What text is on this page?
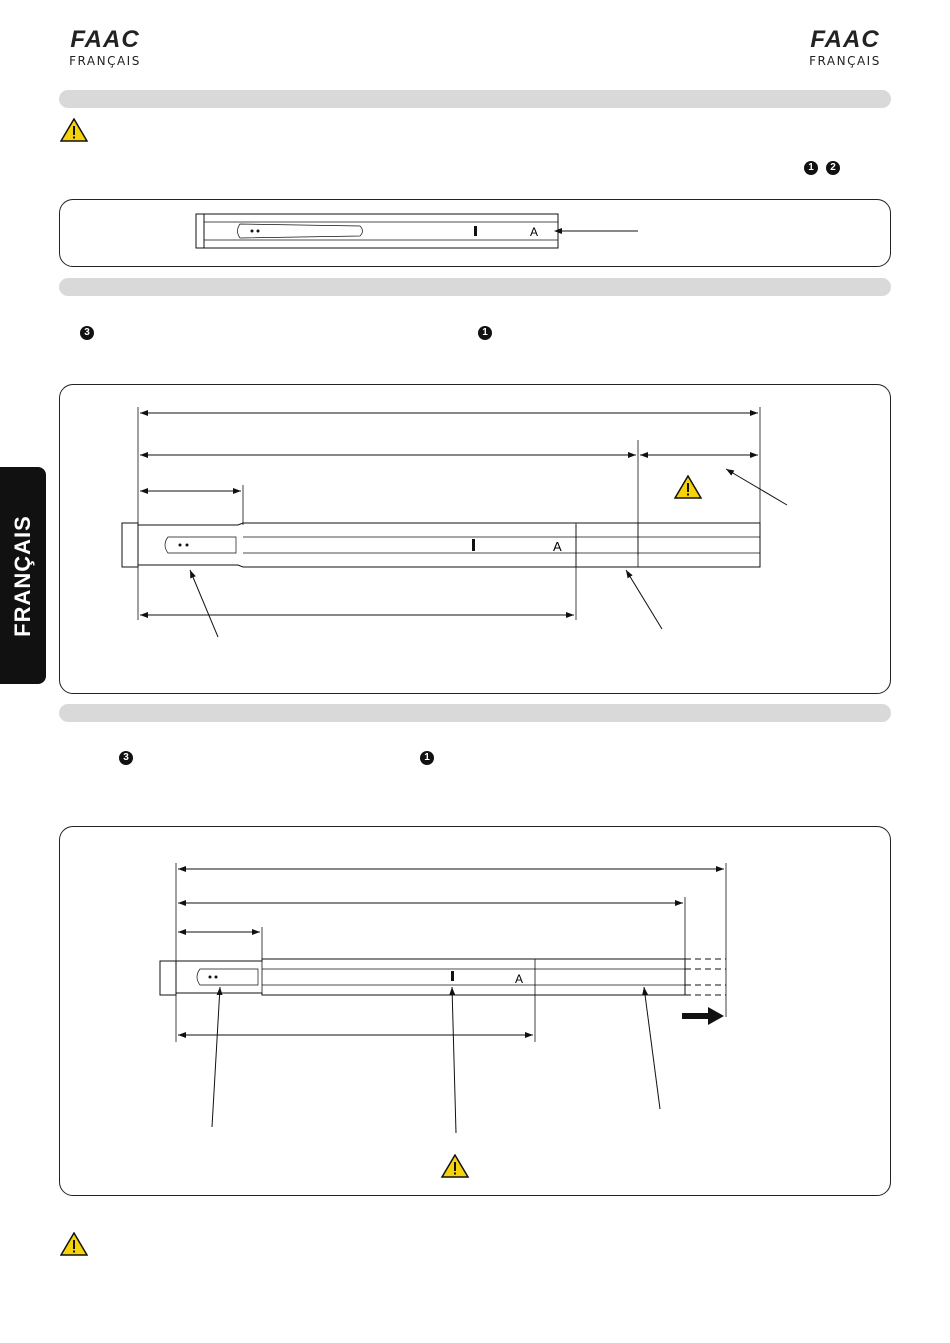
FAAC
FRANÇAIS
FAAC
FRANÇAIS
FRANÇAIS
1	2
A
3	1
A
3	1
A
